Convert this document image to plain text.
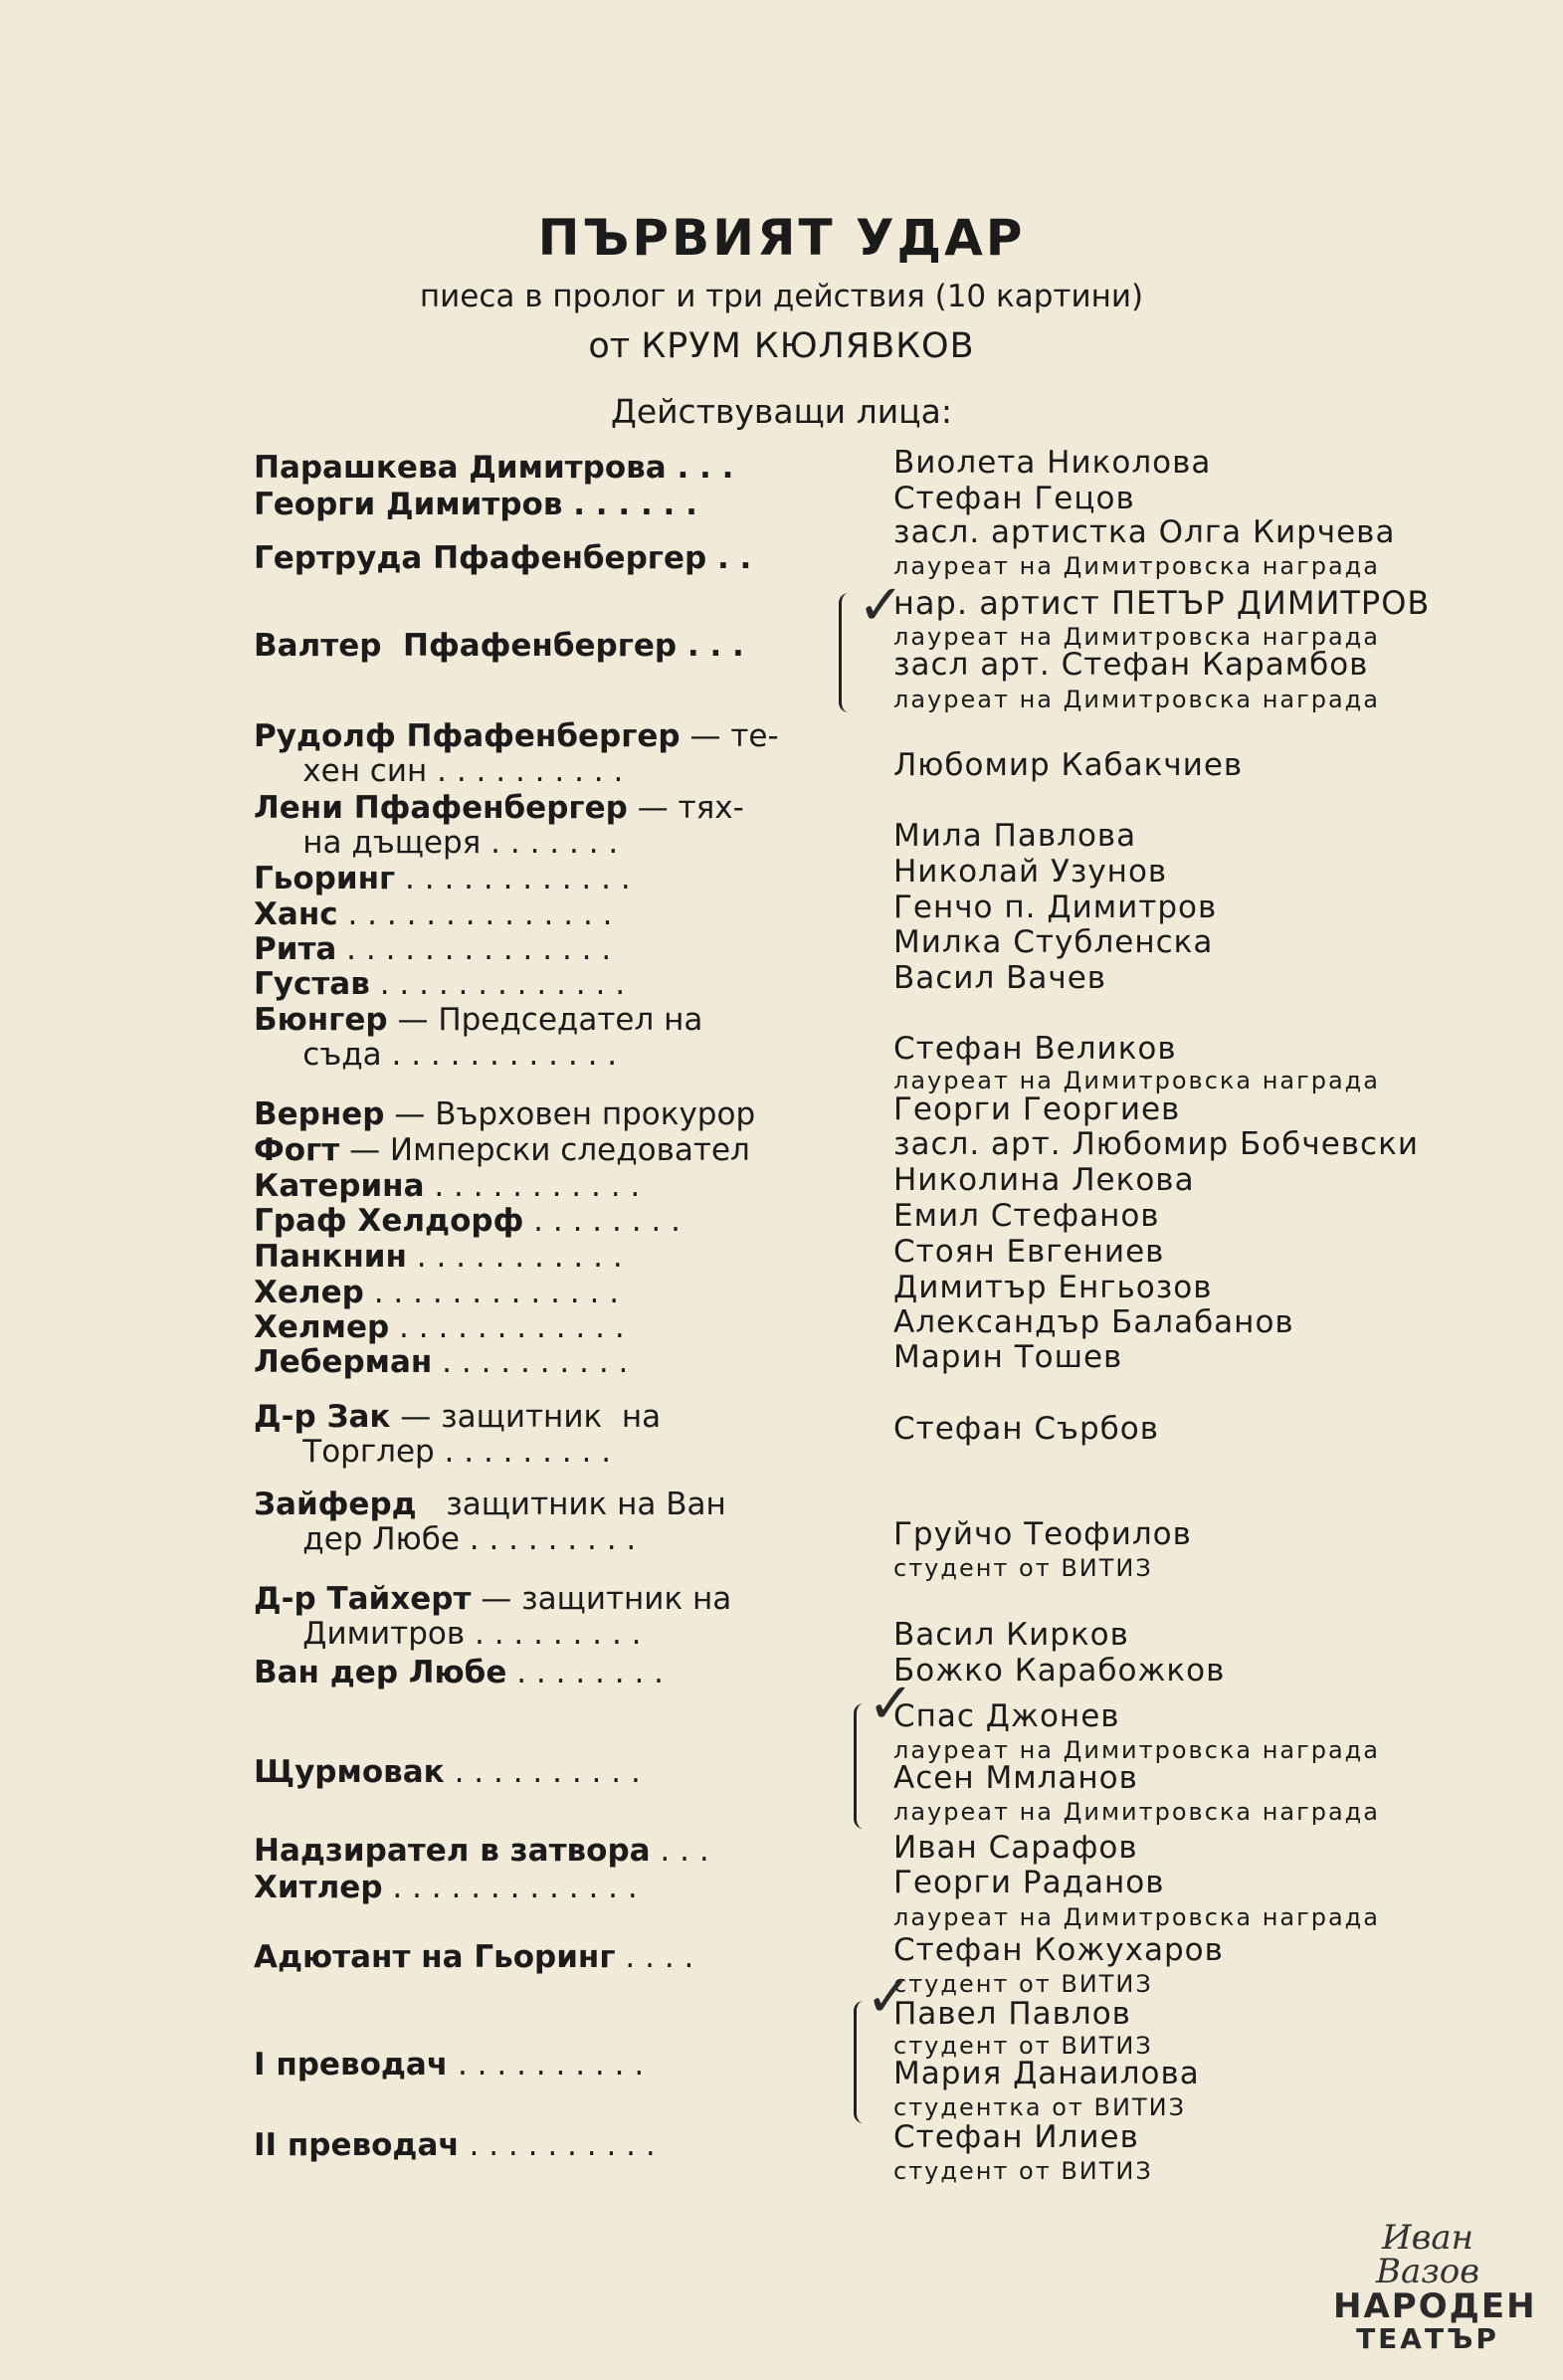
ПЪРВИЯТ УДАР
пиеса в пролог и три действия (10 картини)
от КРУМ КЮЛЯВКОВ
Действуващи лица:
Парашкева Димитрова . . .
Георги Димитров . . . . . .
Гертруда Пфафенбергер . .
Валтер  Пфафенбергер . . .
Рудолф Пфафенбергер — те-
хен син . . . . . . . . . .
Лени Пфафенбергер — тях-
на дъщеря . . . . . . .
Гьоринг . . . . . . . . . . . .
Ханс . . . . . . . . . . . . . .
Рита . . . . . . . . . . . . . .
Густав . . . . . . . . . . . . .
Бюнгер — Председател на
съда . . . . . . . . . . . .
Вернер — Върховен прокурор
Фогт — Имперски следовател
Катерина . . . . . . . . . . .
Граф Хелдорф . . . . . . . .
Панкнин . . . . . . . . . . .
Хелер . . . . . . . . . . . . .
Хелмер . . . . . . . . . . . .
Леберман . . . . . . . . . .
Д-р Зак — защитник  на
Торглер . . . . . . . . .
Зайферд   защитник на Ван
дер Любе . . . . . . . . .
Д-р Тайхерт — защитник на
Димитров . . . . . . . . .
Ван дер Любе . . . . . . . .
Щурмовак . . . . . . . . . .
Надзирател в затвора . . .
Хитлер . . . . . . . . . . . . .
Адютант на Гьоринг . . . .
I преводач . . . . . . . . . .
II преводач . . . . . . . . . .
Виолета Николова
Стефан Гецов
засл. артистка Олга Кирчева
лауреат на Димитровска награда
нар. артист ПЕТЪР ДИМИТРОВ
лауреат на Димитровска награда
засл арт. Стефан Карамбов
лауреат на Димитровска награда
Любомир Кабакчиев
Мила Павлова
Николай Узунов
Генчо п. Димитров
Милка Стубленска
Васил Вачев
Стефан Великов
лауреат на Димитровска награда
Георги Георгиев
засл. арт. Любомир Бобчевски
Николина Лекова
Емил Стефанов
Стоян Евгениев
Димитър Енгьозов
Александър Балабанов
Марин Тошев
Стефан Сърбов
Груйчо Теофилов
студент от ВИТИЗ
Васил Кирков
Божко Карабожков
Спас Джонев
лауреат на Димитровска награда
Асен Ммланов
лауреат на Димитровска награда
Иван Сарафов
Георги Раданов
лауреат на Димитровска награда
Стефан Кожухаров
студент от ВИТИЗ
Павел Павлов
студент от ВИТИЗ
Мария Данаилова
студентка от ВИТИЗ
Стефан Илиев
студент от ВИТИЗ
✓
✓
✓
Иван Вазов
НАРОДЕН
ТЕАТЪР
